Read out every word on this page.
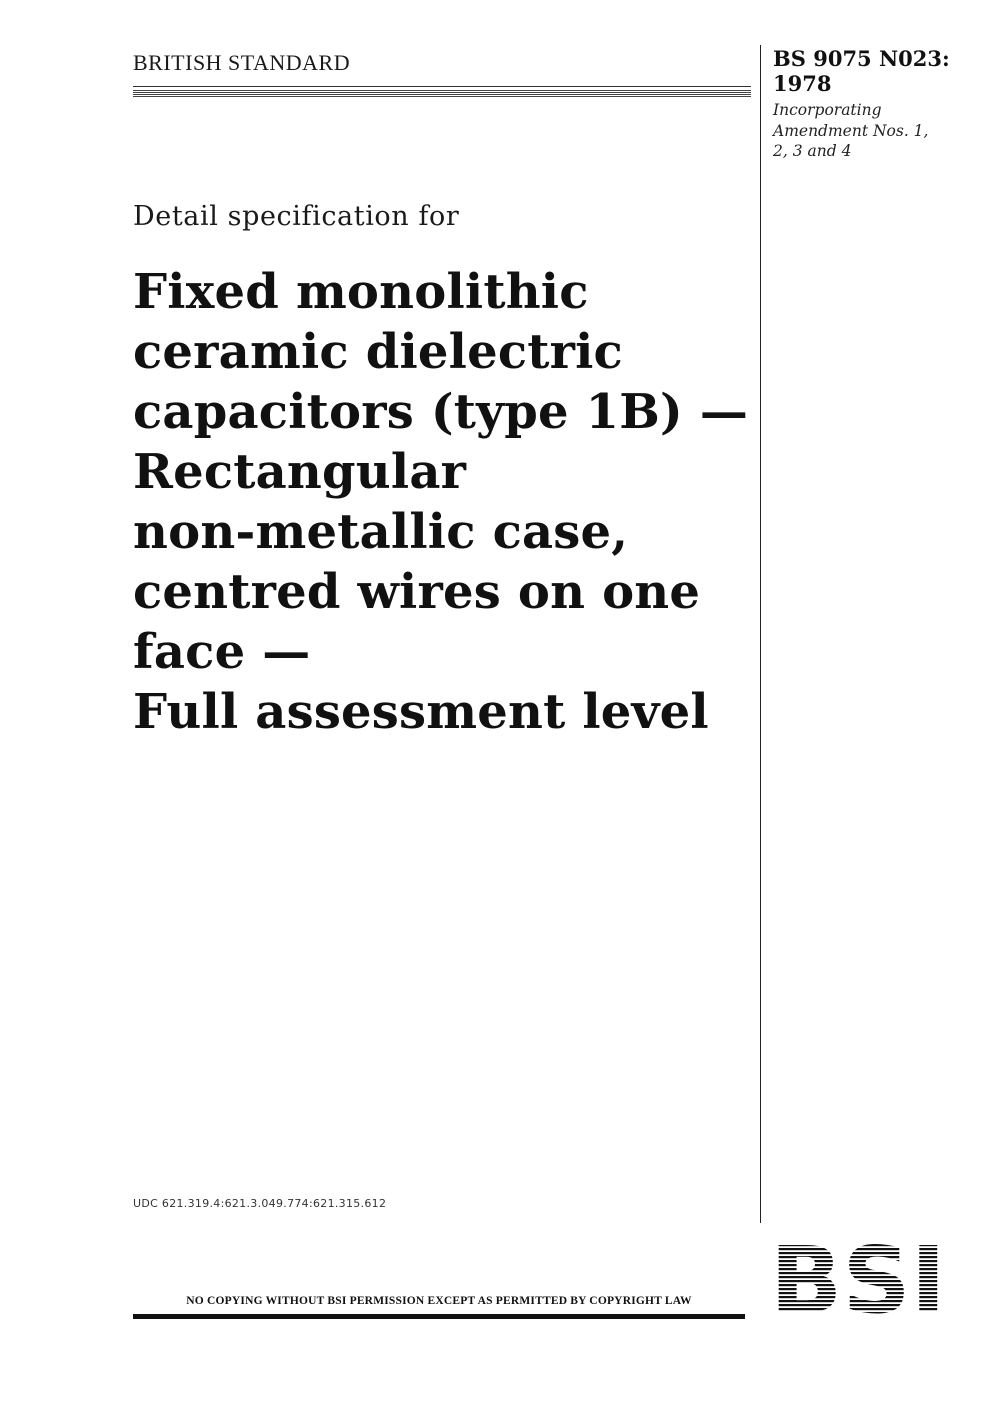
BRITISH STANDARD	BS 9075 N023:
1978
Incorporating Amendment Nos. 1, 2, 3 and 4
Detail specification for
Fixed monolithic
ceramic dielectric
capacitors (type 1B) —
Rectangular
non-metallic case,
centred wires on one
face —
Full assessment level
UDC 621.319.4:621.3.049.774:621.315.612
NO COPYING WITHOUT BSI PERMISSION EXCEPT AS PERMITTED BY COPYRIGHT LAW
